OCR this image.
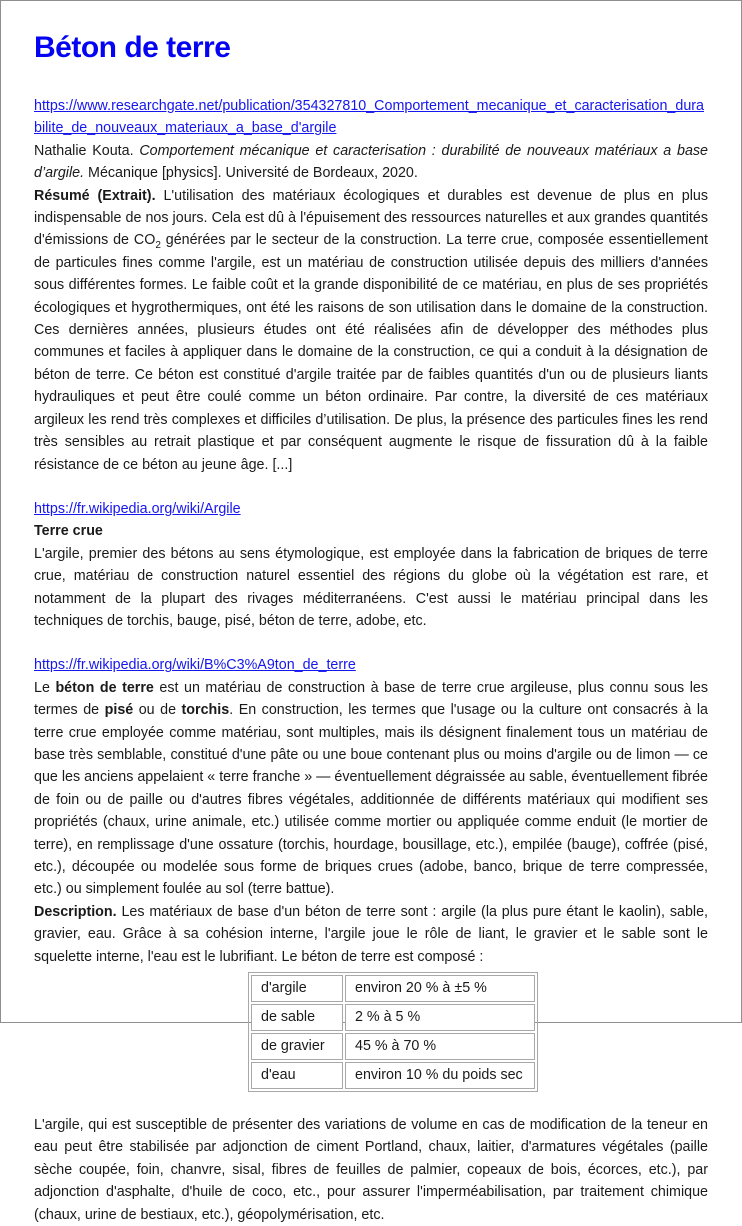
Béton de terre

https://www.researchgate.net/publication/354327810_Comportement_mecanique_et_caracterisation_durabilite_de_nouveaux_materiaux_a_base_d'argile

Nathalie Kouta. Comportement mécanique et caracterisation : durabilité de nouveaux matériaux a base d’argile. Mécanique [physics]. Université de Bordeaux, 2020.

Résumé (Extrait). L'utilisation des matériaux écologiques et durables est devenue de plus en plus indispensable de nos jours. Cela est dû à l'épuisement des ressources naturelles et aux grandes quantités d'émissions de $CO_2$ générées par le secteur de la construction. La terre crue, composée essentiellement de particules fines comme l'argile, est un matériau de construction utilisée depuis des milliers d'années sous différentes formes. Le faible coût et la grande disponibilité de ce matériau, en plus de ses propriétés écologiques et hygrothermiques, ont été les raisons de son utilisation dans le domaine de la construction. Ces dernières années, plusieurs études ont été réalisées afin de développer des méthodes plus communes et faciles à appliquer dans le domaine de la construction, ce qui a conduit à la désignation de béton de terre. Ce béton est constitué d'argile traitée par de faibles quantités d'un ou de plusieurs liants hydrauliques et peut être coulé comme un béton ordinaire. Par contre, la diversité de ces matériaux argileux les rend très complexes et difficiles d’utilisation. De plus, la présence des particules fines les rend très sensibles au retrait plastique et par conséquent augmente le risque de fissuration dû à la faible résistance de ce béton au jeune âge. [...]

https://fr.wikipedia.org/wiki/Argile

Terre crue

L'argile, premier des bétons au sens étymologique, est employée dans la fabrication de briques de terre crue, matériau de construction naturel essentiel des régions du globe où la végétation est rare, et notamment de la plupart des rivages méditerranéens. C'est aussi le matériau principal dans les techniques de torchis, bauge, pisé, béton de terre, adobe, etc.

https://fr.wikipedia.org/wiki/B%C3%A9ton_de_terre

Le béton de terre est un matériau de construction à base de terre crue argileuse, plus connu sous les termes de pisé ou de torchis. En construction, les termes que l'usage ou la culture ont consacrés à la terre crue employée comme matériau, sont multiples, mais ils désignent finalement tous un matériau de base très semblable, constitué d'une pâte ou une boue contenant plus ou moins d'argile ou de limon — ce que les anciens appelaient « terre franche » — éventuellement dégraissée au sable, éventuellement fibrée de foin ou de paille ou d'autres fibres végétales, additionnée de différents matériaux qui modifient ses propriétés (chaux, urine animale, etc.) utilisée comme mortier ou appliquée comme enduit (le mortier de terre), en remplissage d'une ossature (torchis, hourdage, bousillage, etc.), empilée (bauge), coffrée (pisé, etc.), découpée ou modelée sous forme de briques crues (adobe, banco, brique de terre compressée, etc.) ou simplement foulée au sol (terre battue).

Description. Les matériaux de base d'un béton de terre sont : argile (la plus pure étant le kaolin), sable, gravier, eau. Grâce à sa cohésion interne, l'argile joue le rôle de liant, le gravier et le sable sont le squelette interne, l'eau est le lubrifiant. Le béton de terre est composé :

d'argile	environ 20 % à ±5 %
de sable	2 % à 5 %
de gravier	45 % à 70 %
d'eau	environ 10 % du poids sec

L'argile, qui est susceptible de présenter des variations de volume en cas de modification de la teneur en eau peut être stabilisée par adjonction de ciment Portland, chaux, laitier, d'armatures végétales (paille sèche coupée, foin, chanvre, sisal, fibres de feuilles de palmier, copeaux de bois, écorces, etc.), par adjonction d'asphalte, d'huile de coco, etc., pour assurer l'imperméabilisation, par traitement chimique (chaux, urine de bestiaux, etc.), géopolymérisation, etc.
